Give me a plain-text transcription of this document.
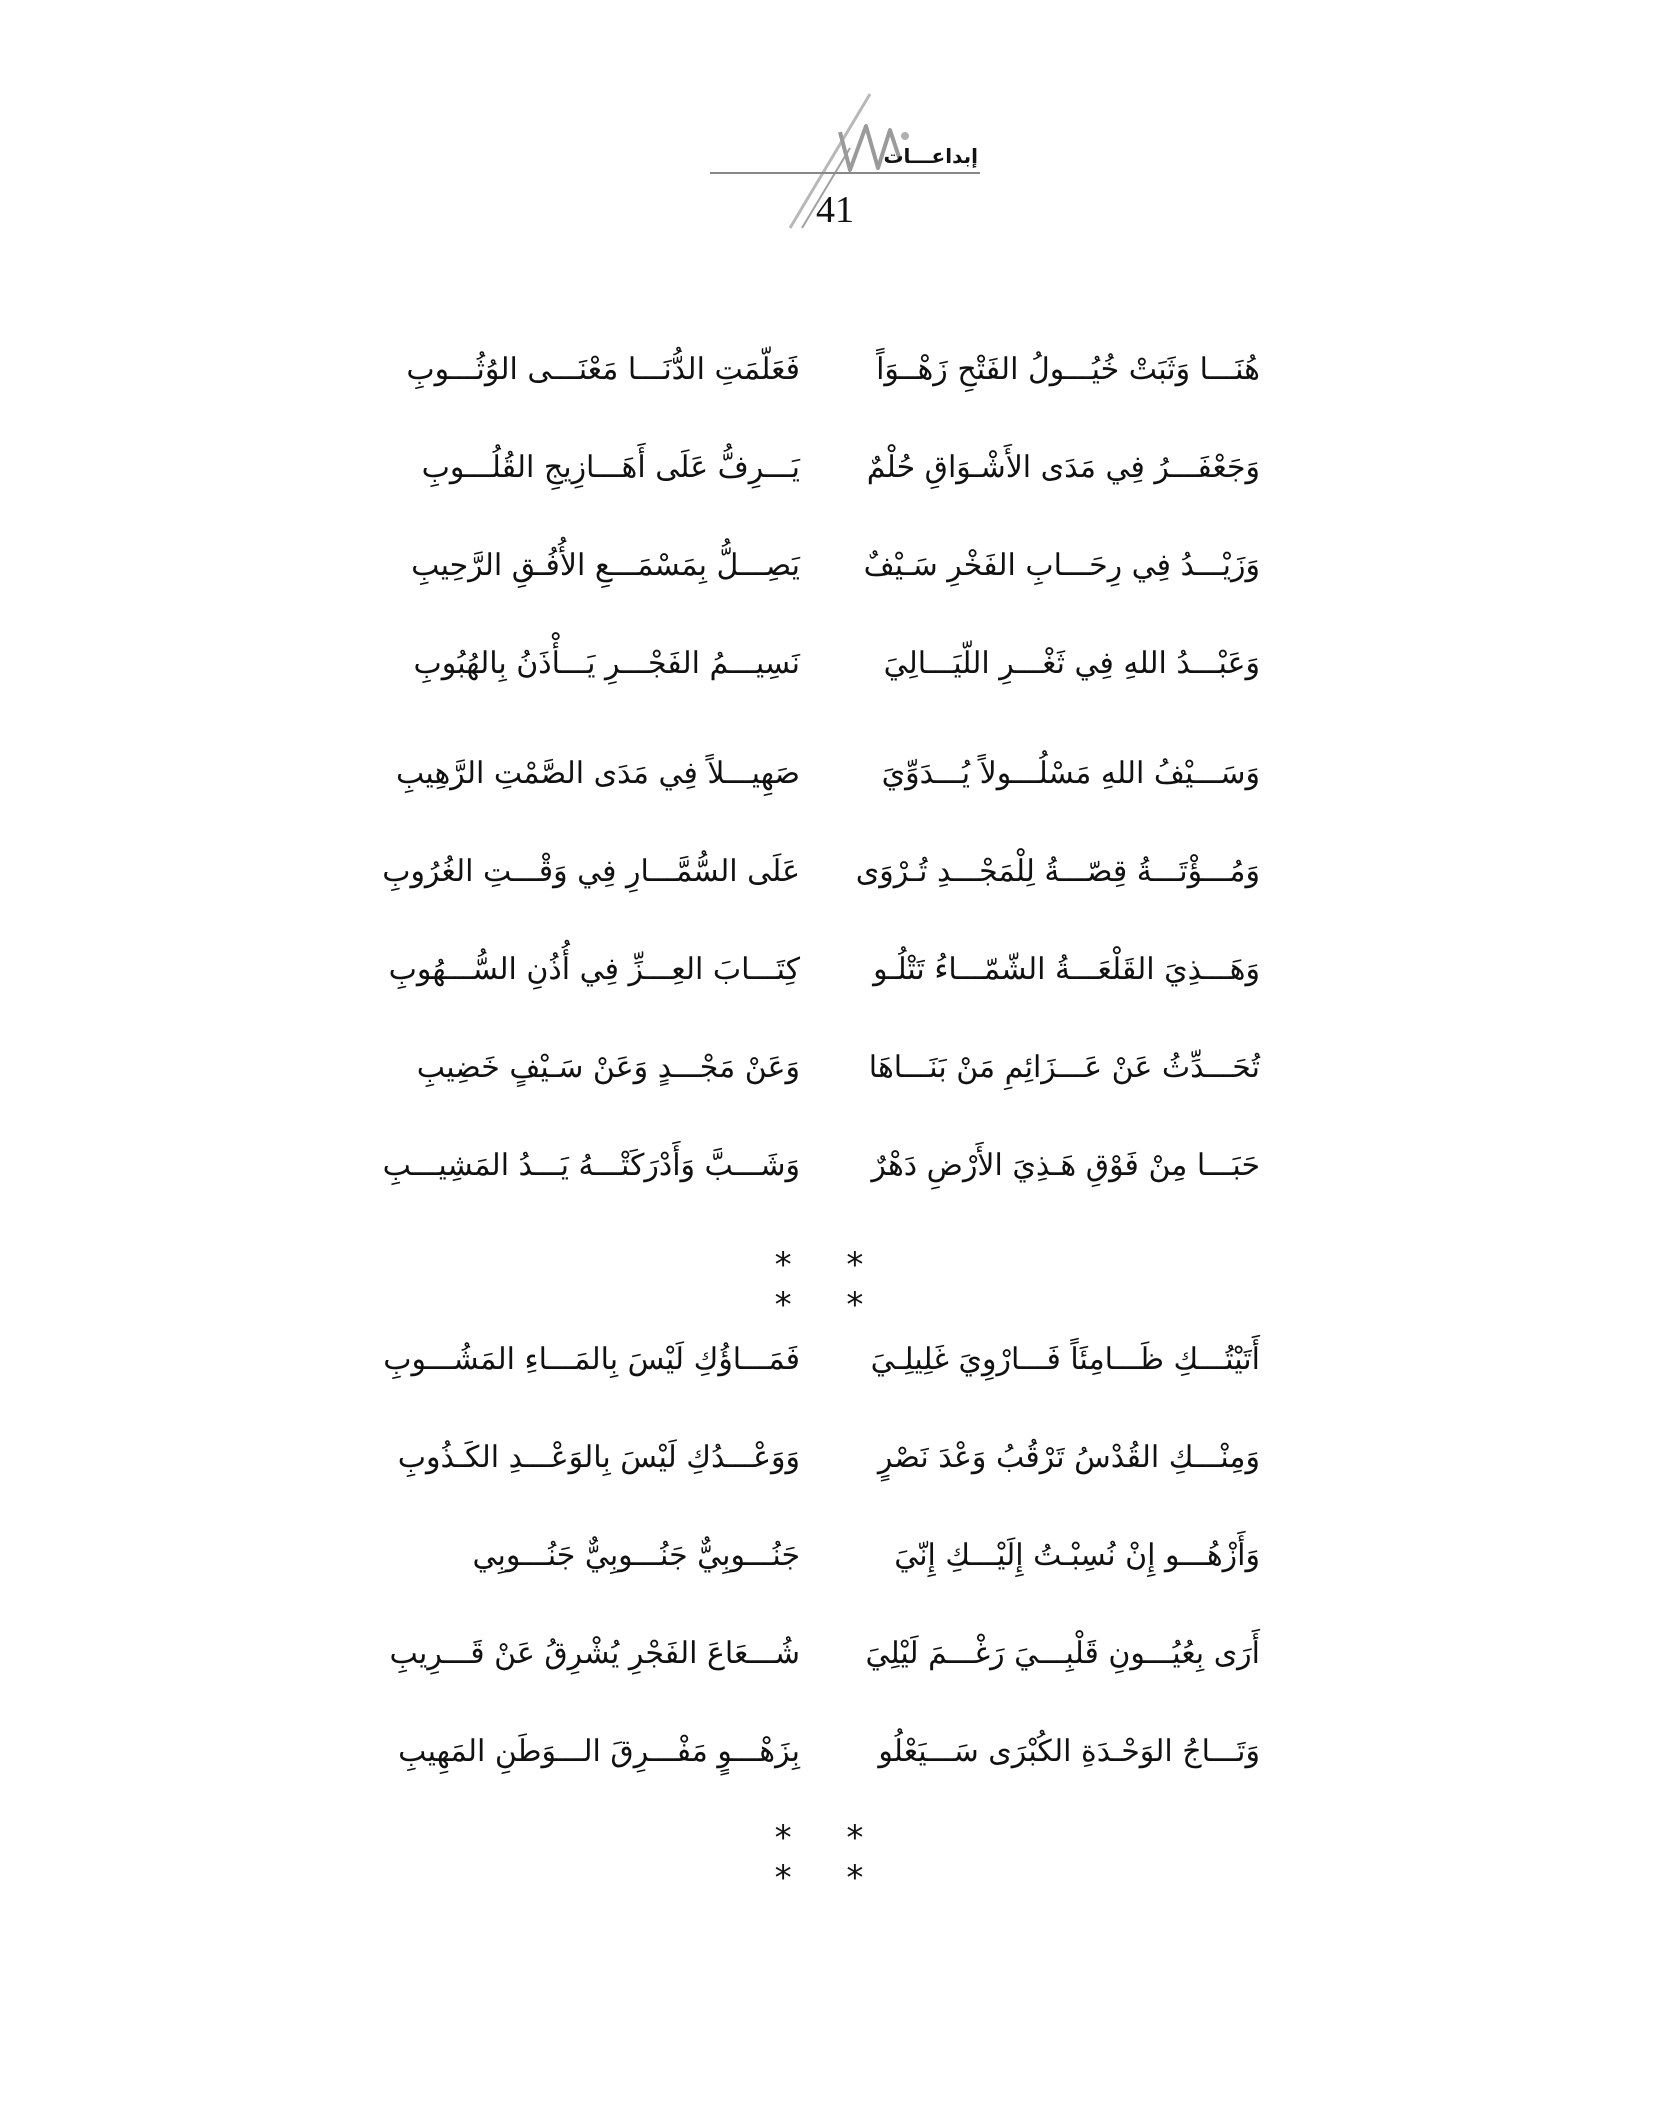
إبداعـــات
41
هُنَـــا وَثَبَتْ خُيُـــولُ الفَتْحِ زَهْــوَاً
فَعَلّمَتِ الدُّنَـــا مَعْنَـــى الوُثُـــوبِ
وَجَعْفَـــرُ فِي مَدَى الأَشْـوَاقِ حُلْمٌ
يَـــرِفُّ عَلَى أَهَـــازِيجِ القُلُـــوبِ
وَزَيْـــدُ فِي رِحَـــابِ الفَخْرِ سَـيْفٌ
يَصِـــلُّ بِمَسْمَـــعِ الأُفُـقِ الرَّحِيبِ
وَعَبْـــدُ اللهِ فِي ثَغْـــرِ اللّيَـــالِيَ
نَسِيـــمُ الفَجْـــرِ يَـــأْذَنُ بِالهُبُوبِ
وَسَـــيْفُ اللهِ مَسْلُـــولاً يُـــدَوِّيَ
صَهِيـــلاً فِي مَدَى الصَّمْتِ الرَّهِيبِ
وَمُـــؤْتَـــةُ قِصّـــةُ لِلْمَجْـــدِ تُـرْوَى
عَلَى السُّمَّـــارِ فِي وَقْـــتِ الغُرُوبِ
وَهَـــذِيَ القَلْعَـــةُ الشّمّـــاءُ تَتْلُـو
كِتَـــابَ العِـــزِّ فِي أُذُنِ السُّـــهُوبِ
تُحَـــدِّثُ عَنْ عَـــزَائِمِ مَنْ بَنَـــاهَا
وَعَنْ مَجْـــدٍ وَعَنْ سَـيْفٍ خَضِيبِ
حَبَـــا مِنْ فَوْقِ هَـذِيَ الأَرْضِ دَهْرٌ
وَشَـــبَّ وَأَدْرَكَتْـــهُ يَـــدُ المَشِيـــبِ
* * * *
أَتَيْتُـــكِ ظَـــامِئَاً فَـــارْوِيَ غَلِيلِـيَ
فَمَـــاؤُكِ لَيْسَ بِالمَـــاءِ المَشُـــوبِ
وَمِنْـــكِ القُدْسُ تَرْقُبُ وَعْدَ نَصْرٍ
وَوَعْـــدُكِ لَيْسَ بِالوَعْـــدِ الكَـذُوبِ
وَأَزْهُـــو إِنْ نُسِبْـتُ إِلَيْـــكِ إِنّيَ
جَنُـــوبِيٌّ جَنُـــوبِيٌّ جَنُـــوبِي
أَرَى بِعُيُـــونِ قَلْبِـــيَ رَغْـــمَ لَيْلِيَ
شُـــعَاعَ الفَجْرِ يُشْرِقُ عَنْ قَـــرِيبِ
وَتَـــاجُ الوَحْـدَةِ الكُبْرَى سَـــيَعْلُو
بِزَهْـــوٍ مَفْـــرِقَ الـــوَطَنِ المَهِيبِ
* * * *
